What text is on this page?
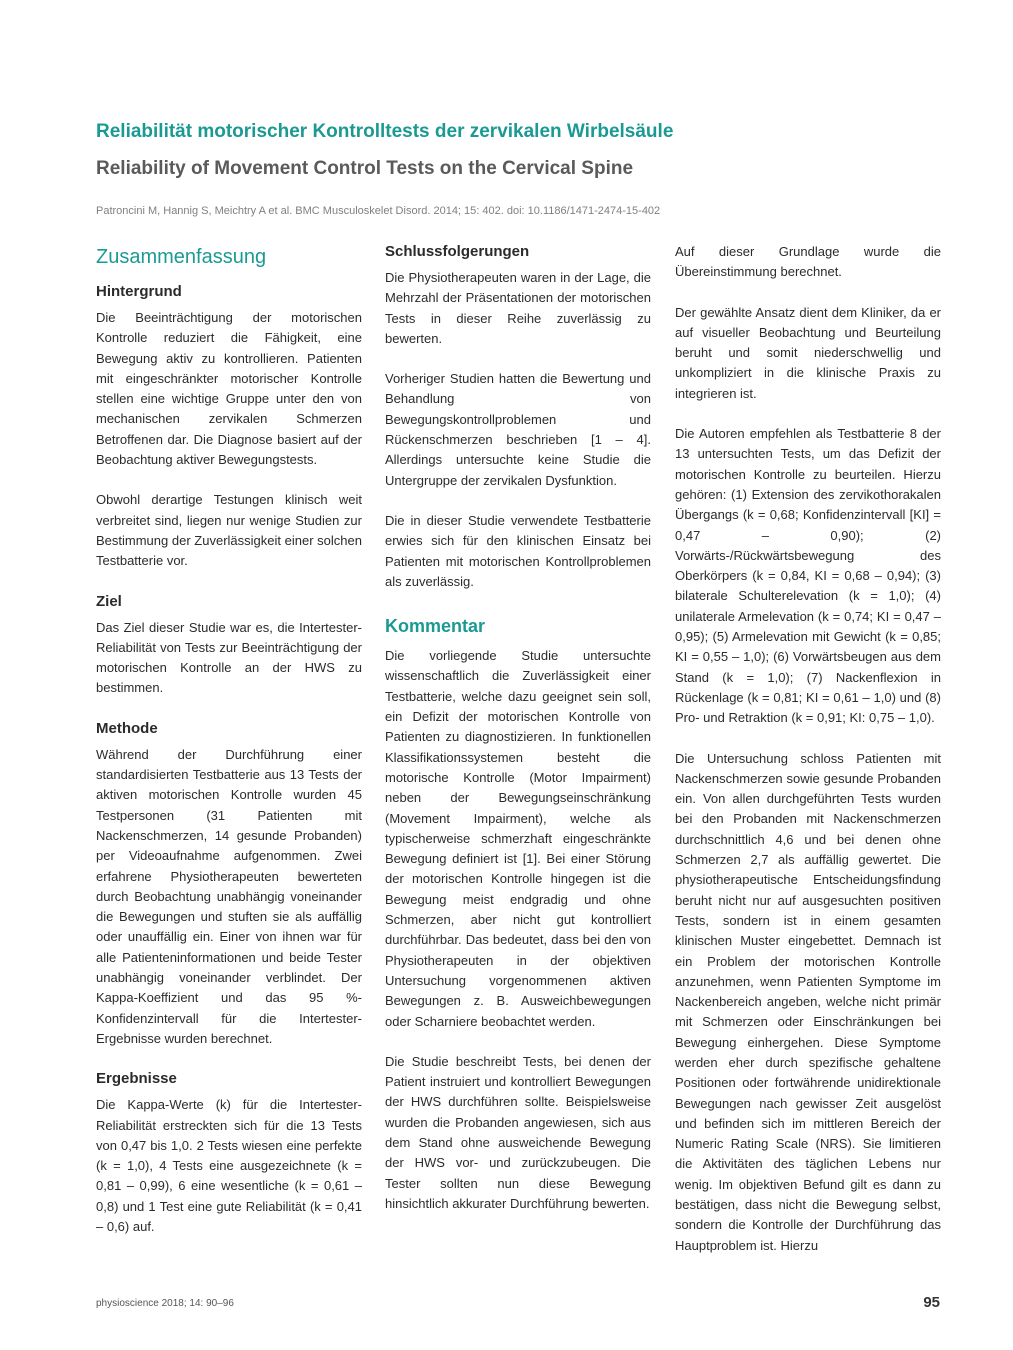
Reliabilität motorischer Kontrolltests der zervikalen Wirbelsäule
Reliability of Movement Control Tests on the Cervical Spine

Patroncini M, Hannig S, Meichtry A et al. BMC Musculoskelet Disord. 2014; 15: 402. doi: 10.1186/1471-2474-15-402

Zusammenfassung
Hintergrund

Die Beeinträchtigung der motorischen Kontrolle reduziert die Fähigkeit, eine Bewegung aktiv zu kontrollieren. Patienten mit eingeschränkter motorischer Kontrolle stellen eine wichtige Gruppe unter den von mechanischen zervikalen Schmerzen Betroffenen dar. Die Diagnose basiert auf der Beobachtung aktiver Bewegungstests.

Obwohl derartige Testungen klinisch weit verbreitet sind, liegen nur wenige Studien zur Bestimmung der Zuverlässigkeit einer solchen Testbatterie vor.

Ziel

Das Ziel dieser Studie war es, die Intertester-Reliabilität von Tests zur Beeinträchtigung der motorischen Kontrolle an der HWS zu bestimmen.

Methode

Während der Durchführung einer standardisierten Testbatterie aus 13 Tests der aktiven motorischen Kontrolle wurden 45 Testpersonen (31 Patienten mit Nackenschmerzen, 14 gesunde Probanden) per Videoaufnahme aufgenommen. Zwei erfahrene Physiotherapeuten bewerteten durch Beobachtung unabhängig voneinander die Bewegungen und stuften sie als auffällig oder unauffällig ein. Einer von ihnen war für alle Patienteninformationen und beide Tester unabhängig voneinander verblindet. Der Kappa-Koeffizient und das 95 %-Konfidenzintervall für die Intertester-Ergebnisse wurden berechnet.

Ergebnisse

Die Kappa-Werte (k) für die Intertester-Reliabilität erstreckten sich für die 13 Tests von 0,47 bis 1,0. 2 Tests wiesen eine perfekte (k = 1,0), 4 Tests eine ausgezeichnete (k = 0,81 – 0,99), 6 eine wesentliche (k = 0,61 – 0,8) und 1 Test eine gute Reliabilität (k = 0,41 – 0,6) auf.

Schlussfolgerungen

Die Physiotherapeuten waren in der Lage, die Mehrzahl der Präsentationen der motorischen Tests in dieser Reihe zuverlässig zu bewerten.

Vorheriger Studien hatten die Bewertung und Behandlung von Bewegungskontrollproblemen und Rückenschmerzen beschrieben [1 – 4]. Allerdings untersuchte keine Studie die Untergruppe der zervikalen Dysfunktion.

Die in dieser Studie verwendete Testbatterie erwies sich für den klinischen Einsatz bei Patienten mit motorischen Kontrollproblemen als zuverlässig.

Kommentar

Die vorliegende Studie untersuchte wissenschaftlich die Zuverlässigkeit einer Testbatterie, welche dazu geeignet sein soll, ein Defizit der motorischen Kontrolle von Patienten zu diagnostizieren. In funktionellen Klassifikationssystemen besteht die motorische Kontrolle (Motor Impairment) neben der Bewegungseinschränkung (Movement Impairment), welche als typischerweise schmerzhaft eingeschränkte Bewegung definiert ist [1]. Bei einer Störung der motorischen Kontrolle hingegen ist die Bewegung meist endgradig und ohne Schmerzen, aber nicht gut kontrolliert durchführbar. Das bedeutet, dass bei den von Physiotherapeuten in der objektiven Untersuchung vorgenommenen aktiven Bewegungen z. B. Ausweichbewegungen oder Scharniere beobachtet werden.

Die Studie beschreibt Tests, bei denen der Patient instruiert und kontrolliert Bewegungen der HWS durchführen sollte. Beispielsweise wurden die Probanden angewiesen, sich aus dem Stand ohne ausweichende Bewegung der HWS vor- und zurückzubeugen. Die Tester sollten nun diese Bewegung hinsichtlich akkurater Durchführung bewerten.

Auf dieser Grundlage wurde die Übereinstimmung berechnet.

Der gewählte Ansatz dient dem Kliniker, da er auf visueller Beobachtung und Beurteilung beruht und somit niederschwellig und unkompliziert in die klinische Praxis zu integrieren ist.

Die Autoren empfehlen als Testbatterie 8 der 13 untersuchten Tests, um das Defizit der motorischen Kontrolle zu beurteilen. Hierzu gehören: (1) Extension des zervikothorakalen Übergangs (k = 0,68; Konfidenzintervall [KI] = 0,47 – 0,90); (2) Vorwärts-/Rückwärtsbewegung des Oberkörpers (k = 0,84, KI = 0,68 – 0,94); (3) bilaterale Schulterelevation (k = 1,0); (4) unilaterale Armelevation (k = 0,74; KI = 0,47 – 0,95); (5) Armelevation mit Gewicht (k = 0,85; KI = 0,55 – 1,0); (6) Vorwärtsbeugen aus dem Stand (k = 1,0); (7) Nackenflexion in Rückenlage (k = 0,81; KI = 0,61 – 1,0) und (8) Pro- und Retraktion (k = 0,91; KI: 0,75 – 1,0).

Die Untersuchung schloss Patienten mit Nackenschmerzen sowie gesunde Probanden ein. Von allen durchgeführten Tests wurden bei den Probanden mit Nackenschmerzen durchschnittlich 4,6 und bei denen ohne Schmerzen 2,7 als auffällig gewertet. Die physiotherapeutische Entscheidungsfindung beruht nicht nur auf ausgesuchten positiven Tests, sondern ist in einem gesamten klinischen Muster eingebettet. Demnach ist ein Problem der motorischen Kontrolle anzunehmen, wenn Patienten Symptome im Nackenbereich angeben, welche nicht primär mit Schmerzen oder Einschränkungen bei Bewegung einhergehen. Diese Symptome werden eher durch spezifische gehaltene Positionen oder fortwährende unidirektionale Bewegungen nach gewisser Zeit ausgelöst und befinden sich im mittleren Bereich der Numeric Rating Scale (NRS). Sie limitieren die Aktivitäten des täglichen Lebens nur wenig. Im objektiven Befund gilt es dann zu bestätigen, dass nicht die Bewegung selbst, sondern die Kontrolle der Durchführung das Hauptproblem ist. Hierzu

physioscience 2018; 14: 90–96	95
